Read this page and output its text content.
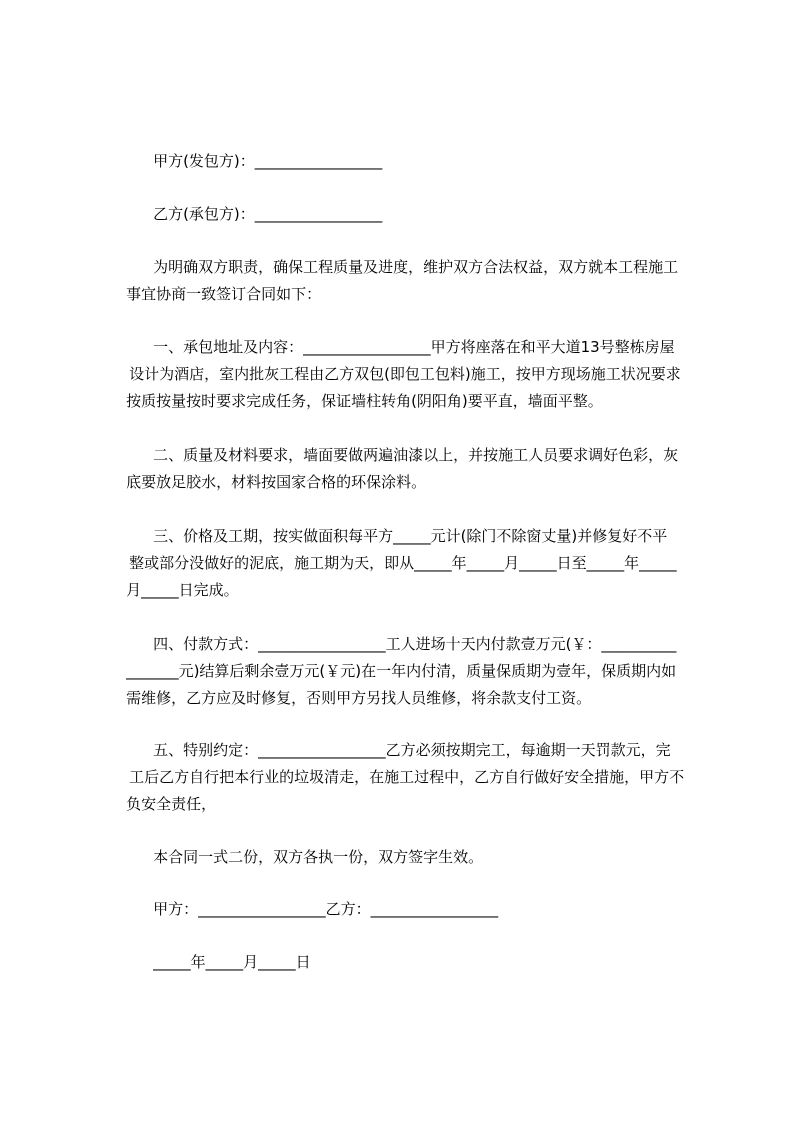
甲方(发包方)：_________________

乙方(承包方)：_________________

为明确双方职责，确保工程质量及进度，维护双方合法权益，双方就本工程施工

事宜协商一致签订合同如下：

一、承包地址及内容：_________________甲方将座落在和平大道13号整栋房屋

设计为酒店，室内批灰工程由乙方双包(即包工包料)施工，按甲方现场施工状况要求

按质按量按时要求完成任务，保证墙柱转角(阴阳角)要平直，墙面平整。

二、质量及材料要求，墙面要做两遍油漆以上，并按施工人员要求调好色彩，灰

底要放足胶水，材料按国家合格的环保涂料。

三、价格及工期，按实做面积每平方_____元计(除门不除窗丈量)并修复好不平

整或部分没做好的泥底，施工期为天，即从_____年_____月_____日至_____年_____

月_____日完成。

四、付款方式：_________________工人进场十天内付款壹万元(￥：__________

_______元)结算后剩余壹万元(￥元)在一年内付清，质量保质期为壹年，保质期内如

需维修，乙方应及时修复，否则甲方另找人员维修，将余款支付工资。

五、特别约定：_________________乙方必须按期完工，每逾期一天罚款元，完

工后乙方自行把本行业的垃圾清走，在施工过程中，乙方自行做好安全措施，甲方不

负安全责任，

本合同一式二份，双方各执一份，双方签字生效。

甲方：_________________乙方：_________________

_____年_____月_____日
